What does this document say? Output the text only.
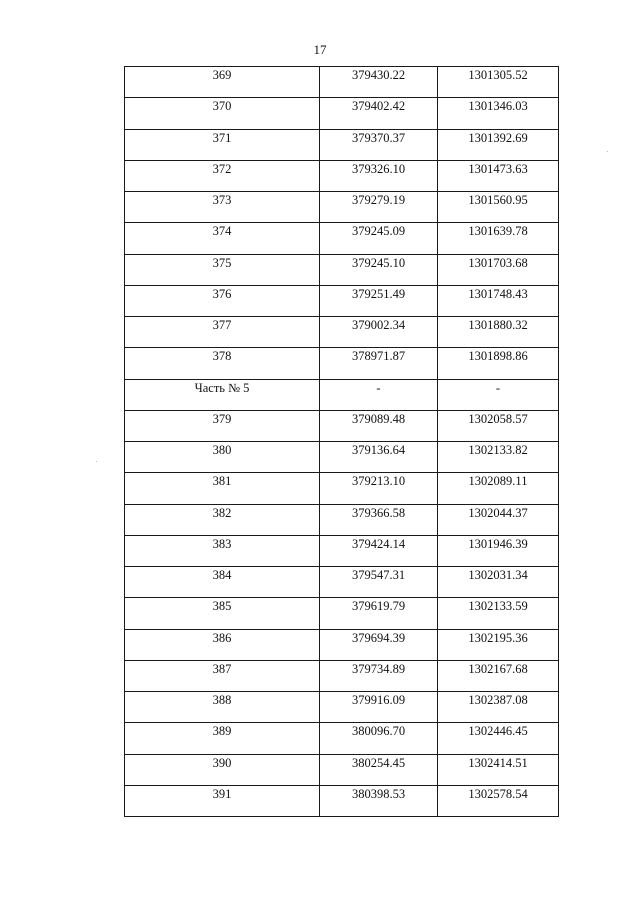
17
369	379430.22	1301305.52

370	379402.42	1301346.03

371	379370.37	1301392.69

372	379326.10	1301473.63

373	379279.19	1301560.95

374	379245.09	1301639.78

375	379245.10	1301703.68

376	379251.49	1301748.43

377	379002.34	1301880.32

378	378971.87	1301898.86

Часть № 5	-	-

379	379089.48	1302058.57

380	379136.64	1302133.82

381	379213.10	1302089.11

382	379366.58	1302044.37

383	379424.14	1301946.39

384	379547.31	1302031.34

385	379619.79	1302133.59

386	379694.39	1302195.36

387	379734.89	1302167.68

388	379916.09	1302387.08

389	380096.70	1302446.45

390	380254.45	1302414.51

391	380398.53	1302578.54
